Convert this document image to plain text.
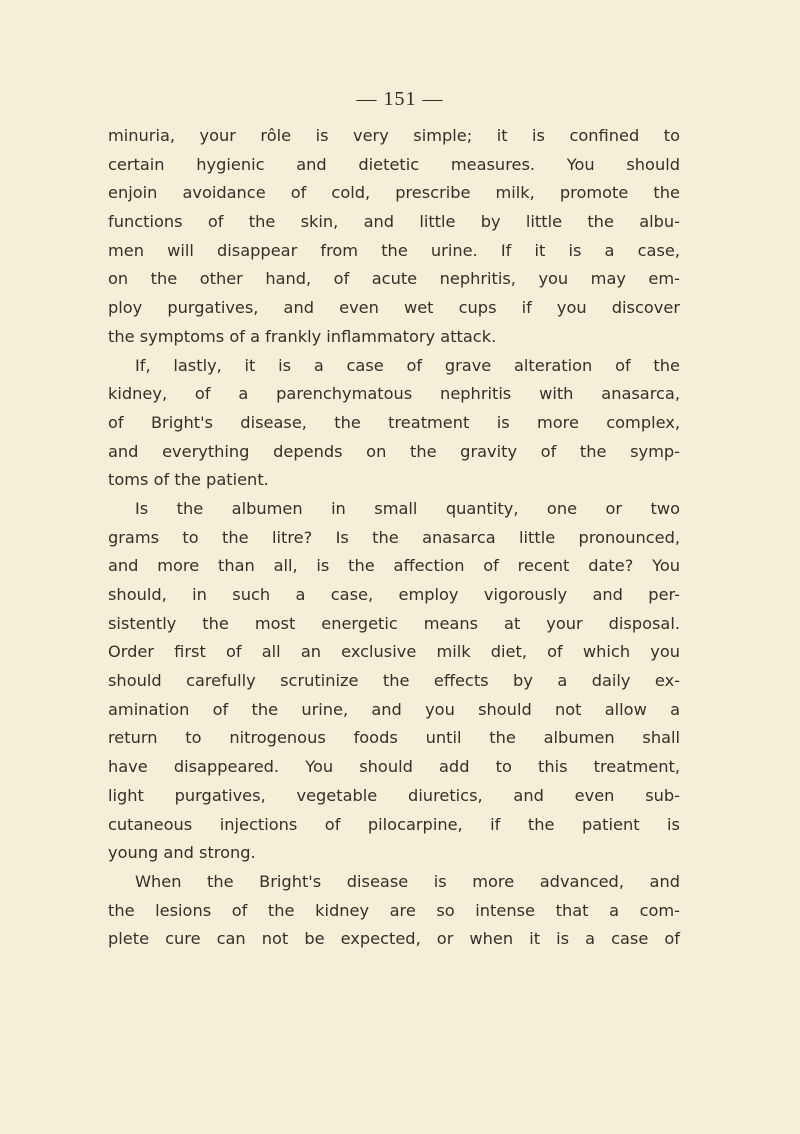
— 151 —
minuria, your rôle is very simple; it is confined to
certain hygienic and dietetic measures. You should
enjoin avoidance of cold, prescribe milk, promote the
functions of the skin, and little by little the albu-
men will disappear from the urine. If it is a case,
on the other hand, of acute nephritis, you may em-
ploy purgatives, and even wet cups if you discover
the symptoms of a frankly inflammatory attack.
If, lastly, it is a case of grave alteration of the
kidney, of a parenchymatous nephritis with anasarca,
of Bright's disease, the treatment is more complex,
and everything depends on the gravity of the symp-
toms of the patient.
Is the albumen in small quantity, one or two
grams to the litre? Is the anasarca little pronounced,
and more than all, is the affection of recent date? You
should, in such a case, employ vigorously and per-
sistently the most energetic means at your disposal.
Order first of all an exclusive milk diet, of which you
should carefully scrutinize the effects by a daily ex-
amination of the urine, and you should not allow a
return to nitrogenous foods until the albumen shall
have disappeared. You should add to this treatment,
light purgatives, vegetable diuretics, and even sub-
cutaneous injections of pilocarpine, if the patient is
young and strong.
When the Bright's disease is more advanced, and
the lesions of the kidney are so intense that a com-
plete cure can not be expected, or when it is a case of
